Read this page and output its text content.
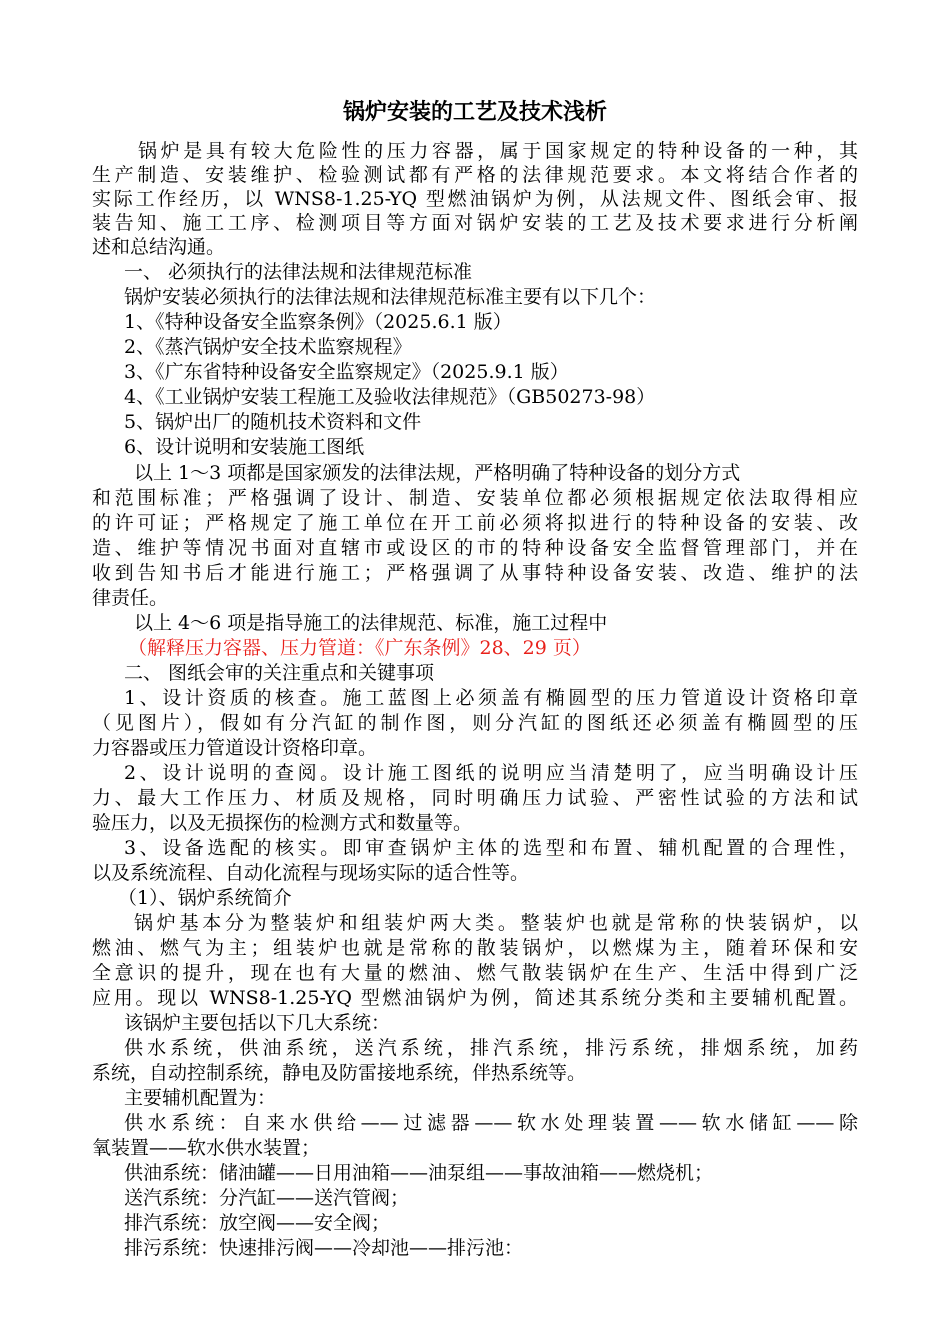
锅炉安装的工艺及技术浅析
锅炉是具有较大危险性的压力容器，属于国家规定的特种设备的一种，其
生产制造、安装维护、检验测试都有严格的法律规范要求。本文将结合作者的
实际工作经历，以 WNS8-1.25-YQ 型燃油锅炉为例，从法规文件、图纸会审、报
装告知、施工工序、检测项目等方面对锅炉安装的工艺及技术要求进行分析阐
述和总结沟通。
一、 必须执行的法律法规和法律规范标准
锅炉安装必须执行的法律法规和法律规范标准主要有以下几个：
1、《特种设备安全监察条例》（2025.6.1 版）
2、《蒸汽锅炉安全技术监察规程》
3、《广东省特种设备安全监察规定》（2025.9.1 版）
4、《工业锅炉安装工程施工及验收法律规范》（GB50273-98）
5、锅炉出厂的随机技术资料和文件
6、设计说明和安装施工图纸
以上 1～3 项都是国家颁发的法律法规，严格明确了特种设备的划分方式
和范围标准；严格强调了设计、制造、安装单位都必须根据规定依法取得相应
的许可证；严格规定了施工单位在开工前必须将拟进行的特种设备的安装、改
造、维护等情况书面对直辖市或设区的市的特种设备安全监督管理部门，并在
收到告知书后才能进行施工；严格强调了从事特种设备安装、改造、维护的法
律责任。
以上 4～6 项是指导施工的法律规范、标准，施工过程中
（解释压力容器、压力管道：《广东条例》28、29 页）
二、 图纸会审的关注重点和关键事项
1、设计资质的核查。施工蓝图上必须盖有椭圆型的压力管道设计资格印章
（见图片），假如有分汽缸的制作图，则分汽缸的图纸还必须盖有椭圆型的压
力容器或压力管道设计资格印章。
2、设计说明的查阅。设计施工图纸的说明应当清楚明了，应当明确设计压
力、最大工作压力、材质及规格，同时明确压力试验、严密性试验的方法和试
验压力，以及无损探伤的检测方式和数量等。
3、设备选配的核实。即审查锅炉主体的选型和布置、辅机配置的合理性，
以及系统流程、自动化流程与现场实际的适合性等。
（1）、锅炉系统简介
锅炉基本分为整装炉和组装炉两大类。整装炉也就是常称的快装锅炉，以
燃油、燃气为主；组装炉也就是常称的散装锅炉，以燃煤为主，随着环保和安
全意识的提升，现在也有大量的燃油、燃气散装锅炉在生产、生活中得到广泛
应用。现以 WNS8-1.25-YQ 型燃油锅炉为例，简述其系统分类和主要辅机配置。
该锅炉主要包括以下几大系统：
供水系统，供油系统，送汽系统，排汽系统，排污系统，排烟系统，加药
系统，自动控制系统，静电及防雷接地系统，伴热系统等。
主要辅机配置为：
供水系统：自来水供给——过滤器——软水处理装置——软水储缸——除
氧装置——软水供水装置；
供油系统：储油罐——日用油箱——油泵组——事故油箱——燃烧机；
送汽系统：分汽缸——送汽管阀；
排汽系统：放空阀——安全阀；
排污系统：快速排污阀——冷却池——排污池：
